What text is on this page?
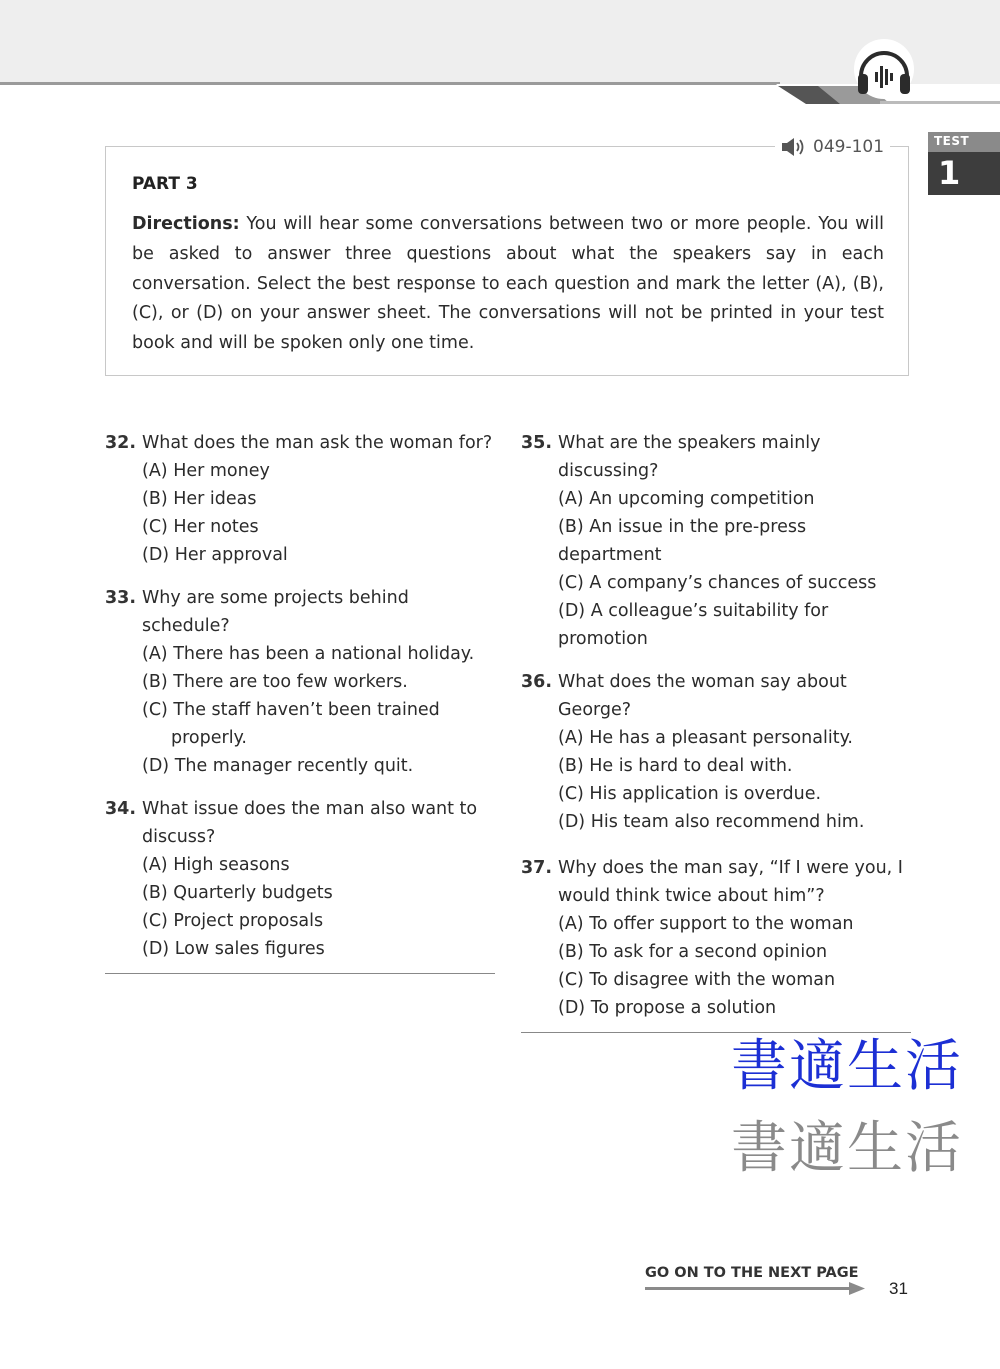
TEST
1
049-101
PART 3
Directions: You will hear some conversations between two or more people. You will be asked to answer three questions about what the speakers say in each conversation. Select the best response to each question and mark the letter (A), (B), (C), or (D) on your answer sheet. The conversations will not be printed in your test book and will be spoken only one time.
32. What does the man ask the woman for?
(A) Her money
(B) Her ideas
(C) Her notes
(D) Her approval
33. Why are some projects behind schedule?
(A) There has been a national holiday.
(B) There are too few workers.
(C) The staff haven’t been trained properly.
(D) The manager recently quit.
34. What issue does the man also want to
discuss?
(A) High seasons
(B) Quarterly budgets
(C) Project proposals
(D) Low sales figures
35. What are the speakers mainly discussing?
(A) An upcoming competition
(B) An issue in the pre-press department
(C) A company’s chances of success
(D) A colleague’s suitability for promotion
36. What does the woman say about George?
(A) He has a pleasant personality.
(B) He is hard to deal with.
(C) His application is overdue.
(D) His team also recommend him.
37. Why does the man say, “If I were you, I
would think twice about him”?
(A) To offer support to the woman
(B) To ask for a second opinion
(C) To disagree with the woman
(D) To propose a solution
書適生活
書適生活
GO ON TO THE NEXT PAGE
31
